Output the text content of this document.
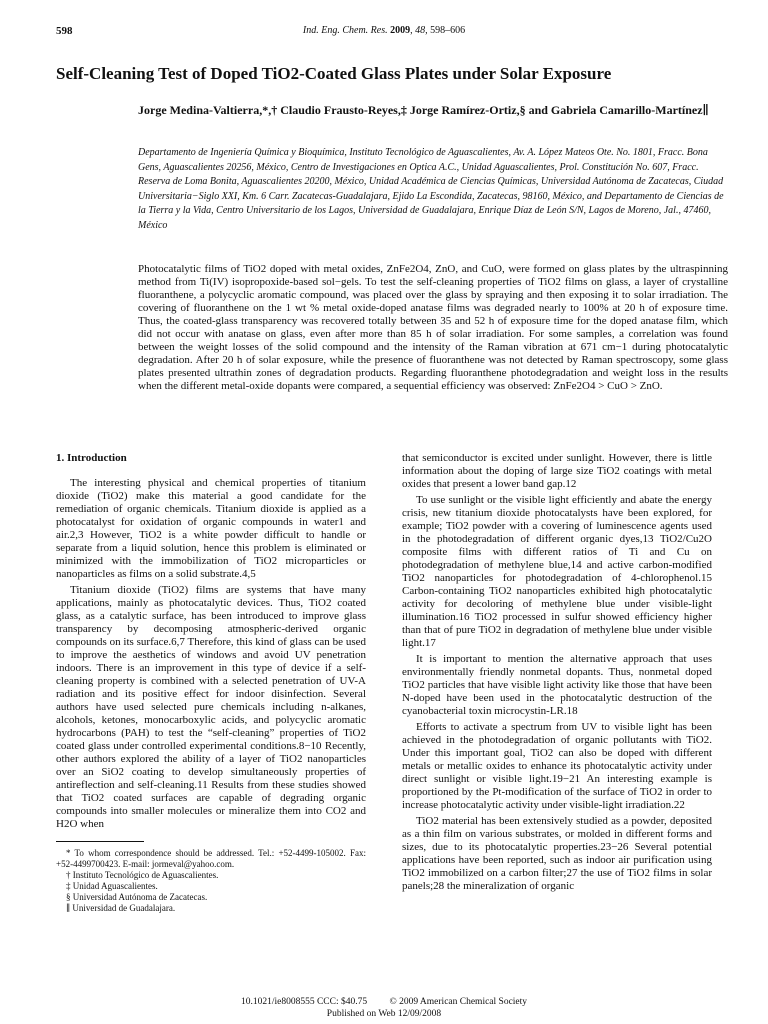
598	Ind. Eng. Chem. Res. 2009, 48, 598–606
Self-Cleaning Test of Doped TiO2-Coated Glass Plates under Solar Exposure
Jorge Medina-Valtierra,*,† Claudio Frausto-Reyes,‡ Jorge Ramírez-Ortiz,§ and Gabriela Camarillo-Martínez∥
Departamento de Ingeniería Química y Bioquímica, Instituto Tecnológico de Aguascalientes, Av. A. López Mateos Ote. No. 1801, Fracc. Bona Gens, Aguascalientes 20256, México, Centro de Investigaciones en Optica A.C., Unidad Aguascalientes, Prol. Constitución No. 607, Fracc. Reserva de Loma Bonita, Aguascalientes 20200, México, Unidad Académica de Ciencias Químicas, Universidad Autónoma de Zacatecas, Ciudad Universitaria−Siglo XXI, Km. 6 Carr. Zacatecas-Guadalajara, Ejido La Escondida, Zacatecas, 98160, México, and Departamento de Ciencias de la Tierra y la Vida, Centro Universitario de los Lagos, Universidad de Guadalajara, Enrique Díaz de León S/N, Lagos de Moreno, Jal., 47460, México

Photocatalytic films of TiO2 doped with metal oxides, ZnFe2O4, ZnO, and CuO, were formed on glass plates by the ultraspinning method from Ti(IV) isopropoxide-based sol−gels. To test the self-cleaning properties of TiO2 films on glass, a layer of crystalline fluoranthene, a polycyclic aromatic compound, was placed over the glass by spraying and then exposing it to solar irradiation. The covering of fluoranthene on the 1 wt % metal oxide-doped anatase films was degraded nearly to 100% at 20 h of exposure time. Thus, the coated-glass transparency was recovered totally between 35 and 52 h of exposure time for the doped anatase film, which did not occur with anatase on glass, even after more than 85 h of solar irradiation. For some samples, a correlation was found between the weight losses of the solid compound and the intensity of the Raman vibration at 671 cm−1 during photocatalytic degradation. After 20 h of solar exposure, while the presence of fluoranthene was not detected by Raman spectroscopy, some glass plates presented ultrathin zones of degradation products. Regarding fluoranthene photodegradation and weight loss in the results when the different metal-oxide dopants were compared, a sequential efficiency was observed: ZnFe2O4 > CuO > ZnO.

1. Introduction

The interesting physical and chemical properties of titanium dioxide (TiO2) make this material a good candidate for the remediation of organic chemicals. Titanium dioxide is applied as a photocatalyst for oxidation of organic compounds in water1 and air.2,3 However, TiO2 is a white powder difficult to handle or separate from a liquid solution, hence this problem is eliminated or minimized with the immobilization of TiO2 microparticles or nanoparticles as films on a solid substrate.4,5

Titanium dioxide (TiO2) films are systems that have many applications, mainly as photocatalytic devices. Thus, TiO2 coated glass, as a catalytic surface, has been introduced to improve glass transparency by decomposing atmospheric-derived organic compounds on its surface.6,7 Therefore, this kind of glass can be used to improve the aesthetics of windows and avoid UV penetration indoors. There is an improvement in this type of device if a self-cleaning property is combined with a selected penetration of UV-A radiation and its positive effect for indoor disinfection. Several authors have used selected pure chemicals including n-alkanes, alcohols, ketones, monocarboxylic acids, and polycyclic aromatic hydrocarbons (PAH) to test the “self-cleaning” properties of TiO2 coated glass under controlled experimental conditions.8−10 Recently, other authors explored the ability of a layer of TiO2 nanoparticles over an SiO2 coating to develop simultaneously properties of antireflection and self-cleaning.11 Results from these studies showed that TiO2 coated surfaces are capable of degrading organic compounds into smaller molecules or mineralize them into CO2 and H2O when

* To whom correspondence should be addressed. Tel.: +52-4499-105002. Fax: +52-4499700423. E-mail: jormeval@yahoo.com.
† Instituto Tecnológico de Aguascalientes.
‡ Unidad Aguascalientes.
§ Universidad Autónoma de Zacatecas.
∥ Universidad de Guadalajara.

that semiconductor is excited under sunlight. However, there is little information about the doping of large size TiO2 coatings with metal oxides that present a lower band gap.12

To use sunlight or the visible light efficiently and abate the energy crisis, new titanium dioxide photocatalysts have been explored, for example; TiO2 powder with a covering of luminescence agents used in the photodegradation of different organic dyes,13 TiO2/Cu2O composite films with different ratios of Ti and Cu on photodegradation of methylene blue,14 and active carbon-modified TiO2 nanoparticles for photodegradation of 4-chlorophenol.15 Carbon-containing TiO2 nanoparticles exhibited high photocatalytic activity for decoloring of methylene blue under visible-light illumination.16 TiO2 processed in sulfur showed efficiency higher than that of pure TiO2 in degradation of methylene blue under visible light.17

It is important to mention the alternative approach that uses environmentally friendly nonmetal dopants. Thus, nonmetal doped TiO2 particles that have visible light activity like those that have been N-doped have been used in the photocatalytic destruction of the cyanobacterial toxin microcystin-LR.18

Efforts to activate a spectrum from UV to visible light has been achieved in the photodegradation of organic pollutants with TiO2. Under this important goal, TiO2 can also be doped with different metals or metallic oxides to enhance its photocatalytic activity under direct sunlight or visible light.19−21 An interesting example is proportioned by the Pt-modification of the surface of TiO2 in order to increase photocatalytic activity under visible-light irradiation.22

TiO2 material has been extensively studied as a powder, deposited as a thin film on various substrates, or molded in different forms and sizes, due to its photocatalytic properties.23−26 Several potential applications have been reported, such as indoor air purification using TiO2 immobilized on a carbon filter;27 the use of TiO2 films in solar panels;28 the mineralization of organic

10.1021/ie8008555 CCC: $40.75 © 2009 American Chemical Society
Published on Web 12/09/2008
